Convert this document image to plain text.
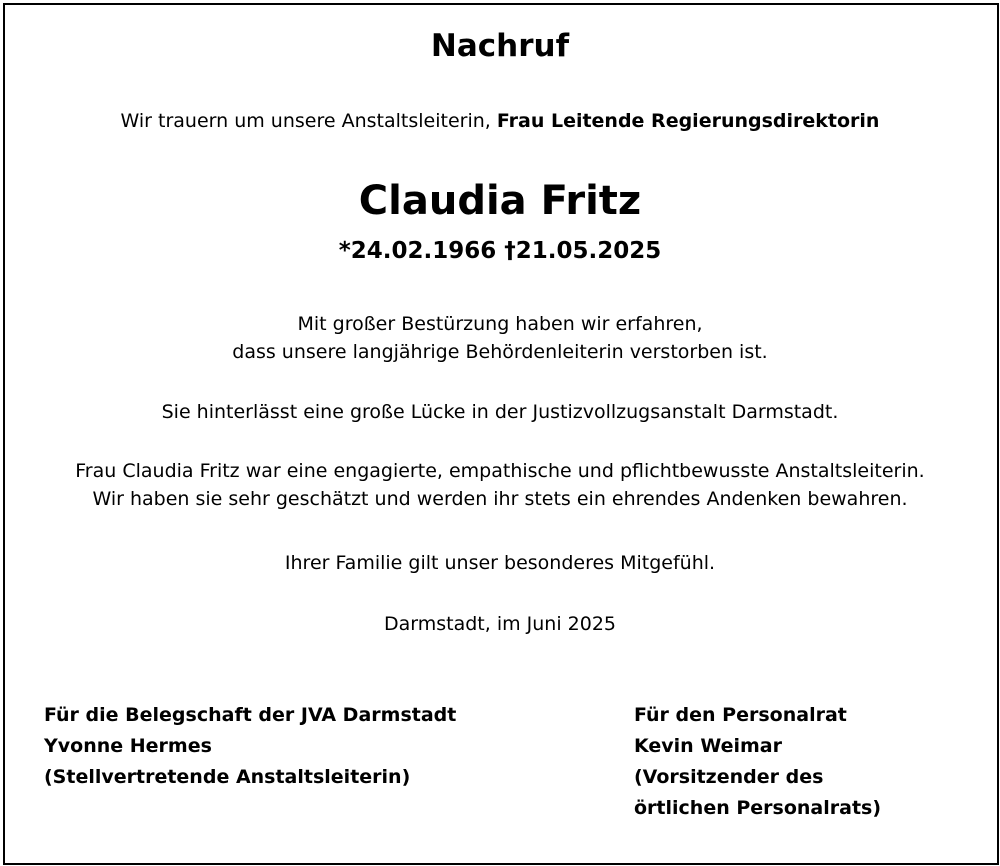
Nachruf
Wir trauern um unsere Anstaltsleiterin, Frau Leitende Regierungsdirektorin
Claudia Fritz
*24.02.1966 †21.05.2025
Mit großer Bestürzung haben wir erfahren,
dass unsere langjährige Behördenleiterin verstorben ist.
Sie hinterlässt eine große Lücke in der Justizvollzugsanstalt Darmstadt.
Frau Claudia Fritz war eine engagierte, empathische und pflichtbewusste Anstaltsleiterin.
Wir haben sie sehr geschätzt und werden ihr stets ein ehrendes Andenken bewahren.
Ihrer Familie gilt unser besonderes Mitgefühl.
Darmstadt, im Juni 2025
Für die Belegschaft der JVA Darmstadt
Yvonne Hermes
(Stellvertretende Anstaltsleiterin)
Für den Personalrat
Kevin Weimar
(Vorsitzender des
örtlichen Personalrats)
